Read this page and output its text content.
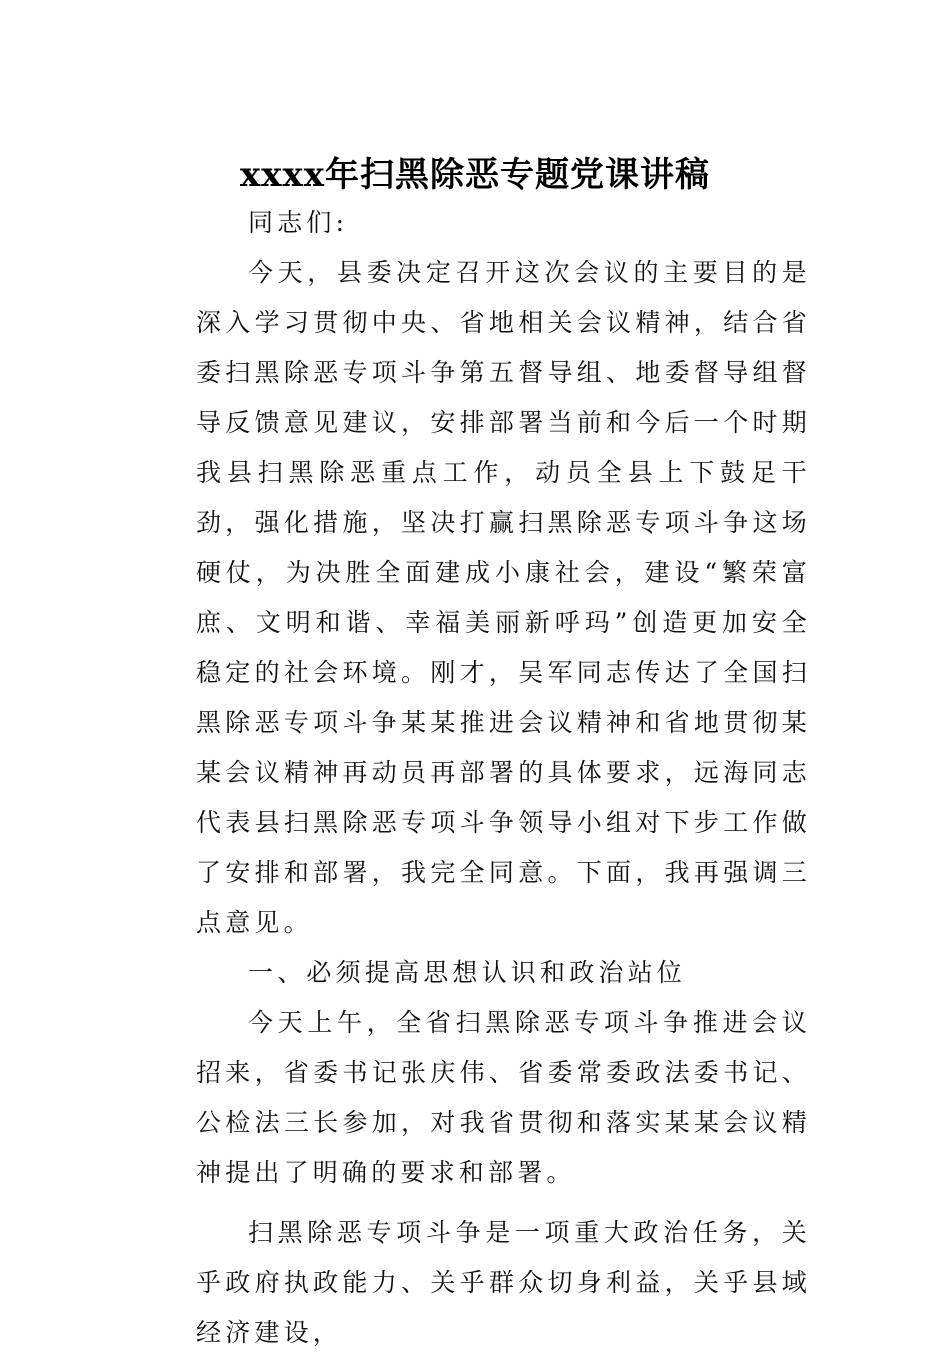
xxxx年扫黑除恶专题党课讲稿

同志们:

今天，县委决定召开这次会议的主要目的是深入学习贯彻中央、省地相关会议精神，结合省委扫黑除恶专项斗争第五督导组、地委督导组督导反馈意见建议，安排部署当前和今后一个时期我县扫黑除恶重点工作，动员全县上下鼓足干劲，强化措施，坚决打赢扫黑除恶专项斗争这场硬仗，为决胜全面建成小康社会，建设“繁荣富庶、文明和谐、幸福美丽新呼玛”创造更加安全稳定的社会环境。刚才，吴军同志传达了全国扫黑除恶专项斗争某某推进会议精神和省地贯彻某某会议精神再动员再部署的具体要求，远海同志代表县扫黑除恶专项斗争领导小组对下步工作做了安排和部署，我完全同意。下面，我再强调三点意见。

一、必须提高思想认识和政治站位

今天上午，全省扫黑除恶专项斗争推进会议招来，省委书记张庆伟、省委常委政法委书记、公检法三长参加，对我省贯彻和落实某某会议精神提出了明确的要求和部署。

扫黑除恶专项斗争是一项重大政治任务，关乎政府执政能力、关乎群众切身利益，关乎县域经济建设，
